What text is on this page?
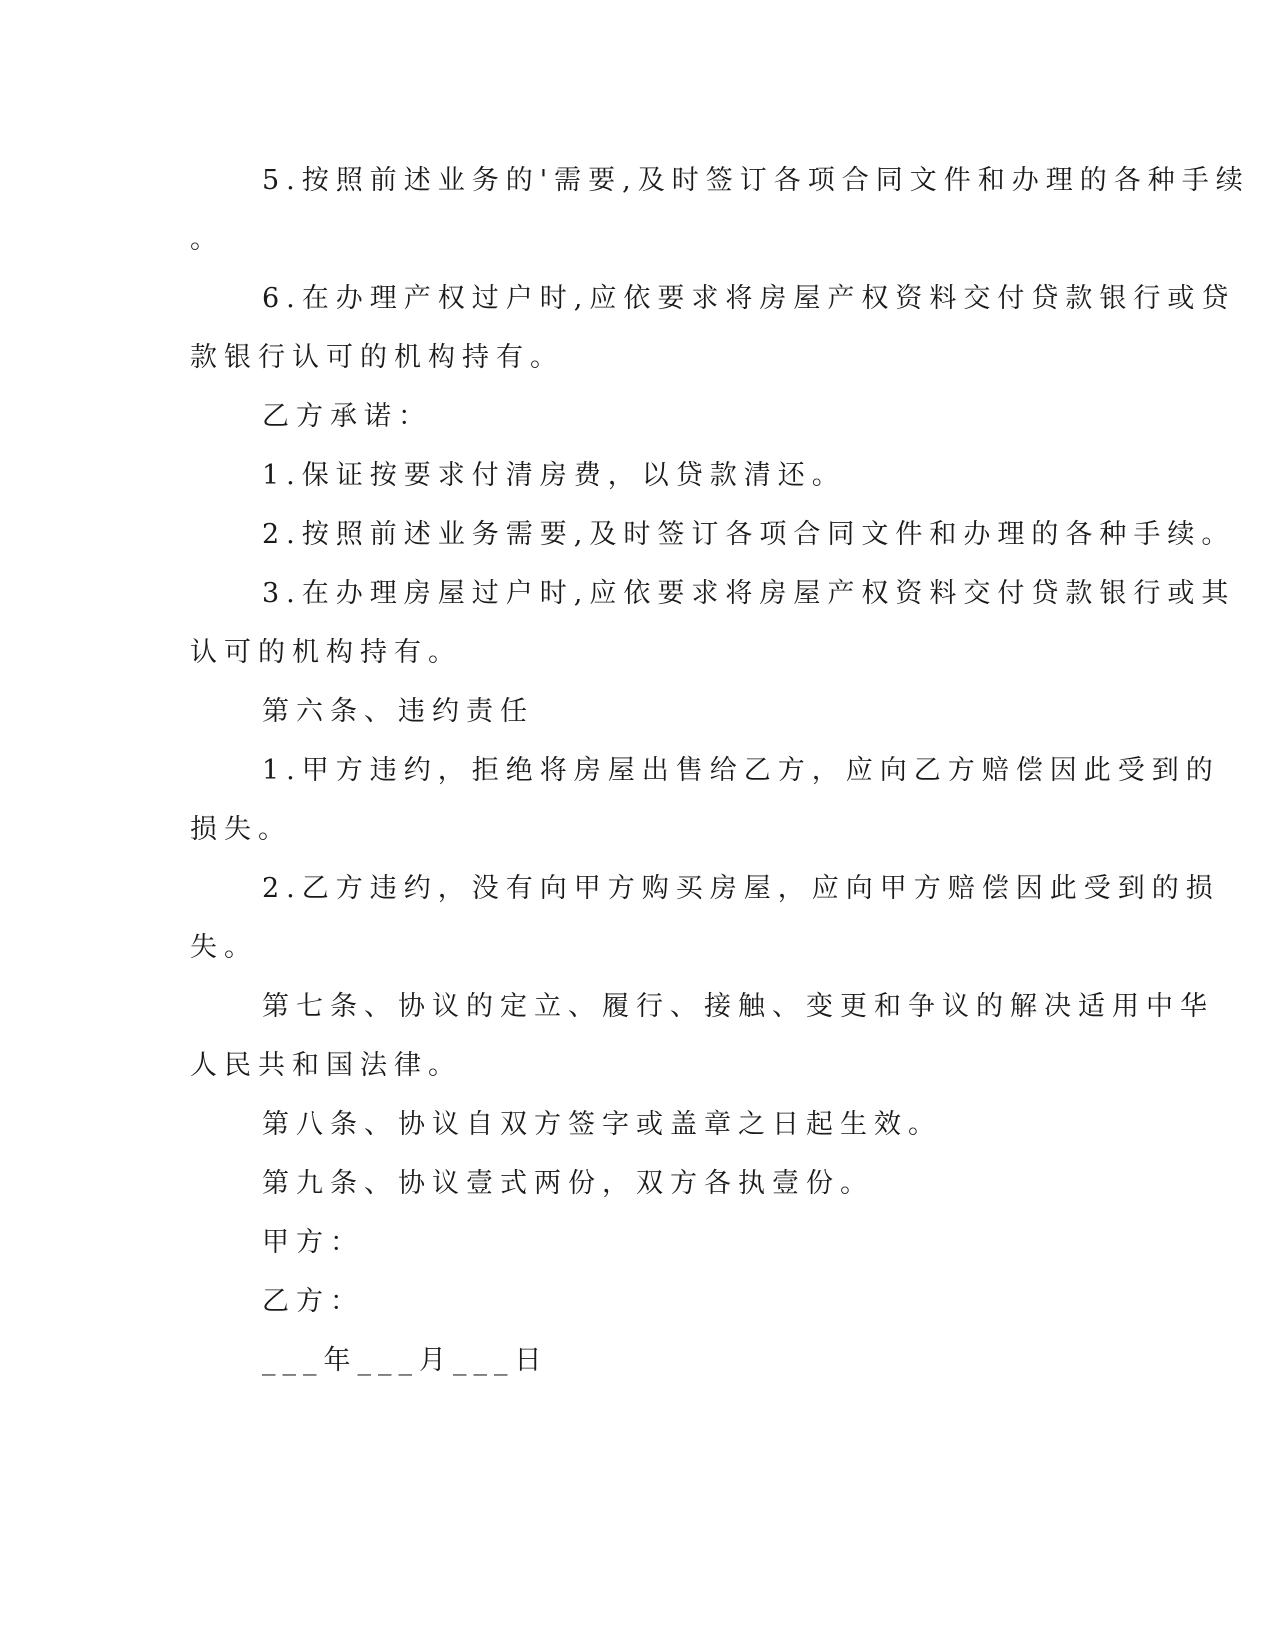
5.按照前述业务的'需要,及时签订各项合同文件和办理的各种手续
。
6.在办理产权过户时,应依要求将房屋产权资料交付贷款银行或贷
款银行认可的机构持有。
乙方承诺：
1.保证按要求付清房费，以贷款清还。
2.按照前述业务需要,及时签订各项合同文件和办理的各种手续。
3.在办理房屋过户时,应依要求将房屋产权资料交付贷款银行或其
认可的机构持有。
第六条、违约责任
1.甲方违约，拒绝将房屋出售给乙方，应向乙方赔偿因此受到的
损失。
2.乙方违约，没有向甲方购买房屋，应向甲方赔偿因此受到的损
失。
第七条、协议的定立、履行、接触、变更和争议的解决适用中华
人民共和国法律。
第八条、协议自双方签字或盖章之日起生效。
第九条、协议壹式两份，双方各执壹份。
甲方：
乙方：
___年___月___日
